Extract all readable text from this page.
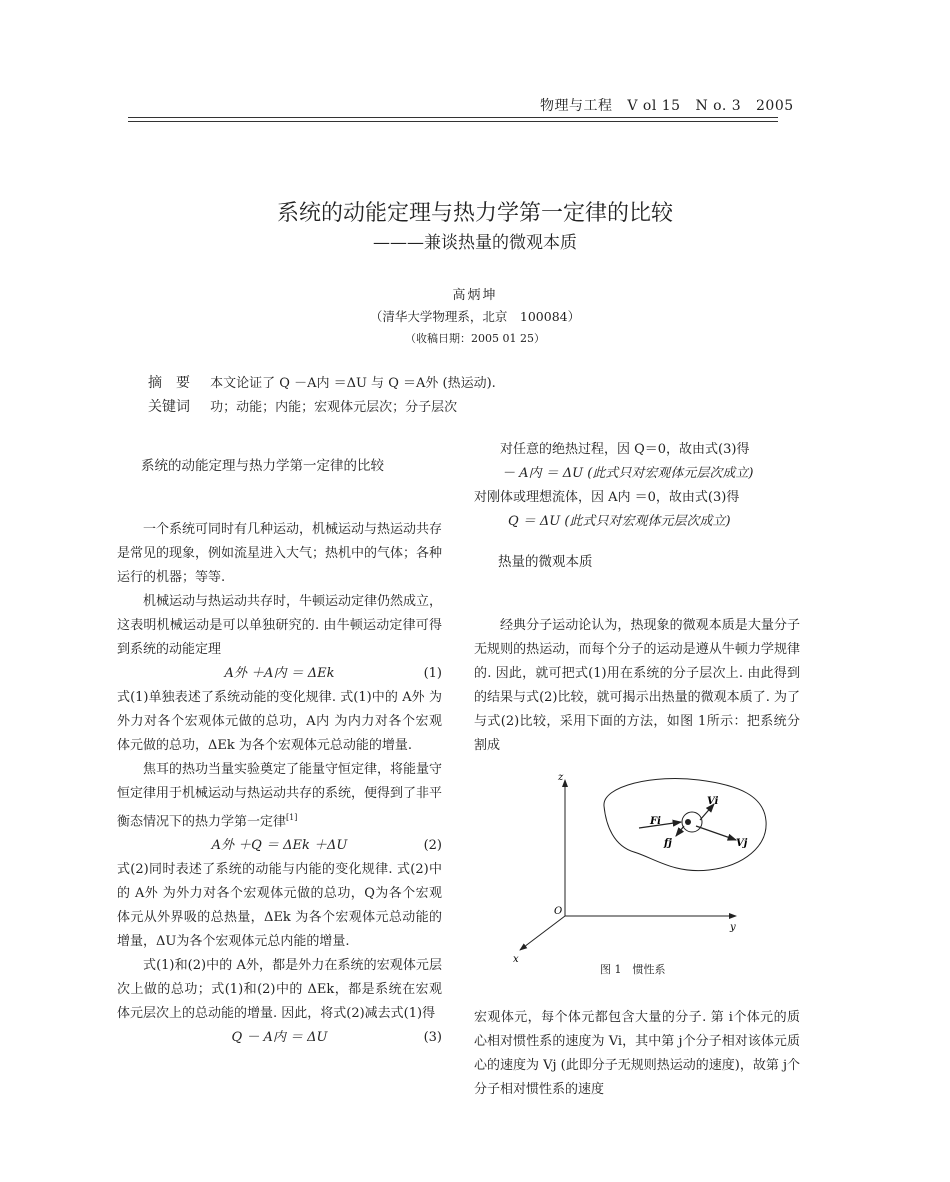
物理与工程 V ol 15 N o. 3 2005
系统的动能定理与热力学第一定律的比较
———兼谈热量的微观本质
高炳坤
（清华大学物理系，北京　100084）
（收稿日期：2005 01 25）
摘　要 本文论证了 Q －A内 ＝ΔU 与 Q ＝A外 (热运动).
关键词 功；动能；内能；宏观体元层次；分子层次
系统的动能定理与热力学第一定律的比较

一个系统可同时有几种运动，机械运动与热运动共存是常见的现象，例如流星进入大气；热机中的气体；各种运行的机器；等等.

机械运动与热运动共存时，牛顿运动定律仍然成立，这表明机械运动是可以单独研究的. 由牛顿运动定律可得到系统的动能定理

A外 ＋A内 ＝ ΔEk	(1)

式(1)单独表述了系统动能的变化规律. 式(1)中的 A外 为外力对各个宏观体元做的总功，A内 为内力对各个宏观体元做的总功，ΔEk 为各个宏观体元总动能的增量.

焦耳的热功当量实验奠定了能量守恒定律，将能量守恒定律用于机械运动与热运动共存的系统，便得到了非平衡态情况下的热力学第一定律[1]

A外 ＋Q ＝ ΔEk ＋ΔU	(2)

式(2)同时表述了系统的动能与内能的变化规律. 式(2)中的 A外 为外力对各个宏观体元做的总功，Q为各个宏观体元从外界吸的总热量，ΔEk 为各个宏观体元总动能的增量，ΔU为各个宏观体元总内能的增量.

式(1)和(2)中的 A外，都是外力在系统的宏观体元层次上做的总功；式(1)和(2)中的 ΔEk，都是系统在宏观体元层次上的总动能的增量. 因此，将式(2)减去式(1)得

Q － A内 ＝ ΔU	(3)

对任意的绝热过程，因 Q＝0，故由式(3)得

－ A内 ＝ ΔU (此式只对宏观体元层次成立)

对刚体或理想流体，因 A内 ＝0，故由式(3)得

Q ＝ ΔU (此式只对宏观体元层次成立)
热量的微观本质

经典分子运动论认为，热现象的微观本质是大量分子无规则的热运动，而每个分子的运动是遵从牛顿力学规律的. 因此，就可把式(1)用在系统的分子层次上. 由此得到的结果与式(2)比较，就可揭示出热量的微观本质了. 为了与式(2)比较，采用下面的方法，如图 1所示：把系统分割成

z
O
x
y
Fi
fj
Vi
Vj
图 1　惯性系

宏观体元，每个体元都包含大量的分子. 第 i个体元的质心相对惯性系的速度为 Vi，其中第 j个分子相对该体元质心的速度为 Vj (此即分子无规则热运动的速度)，故第 j个分子相对惯性系的速度
